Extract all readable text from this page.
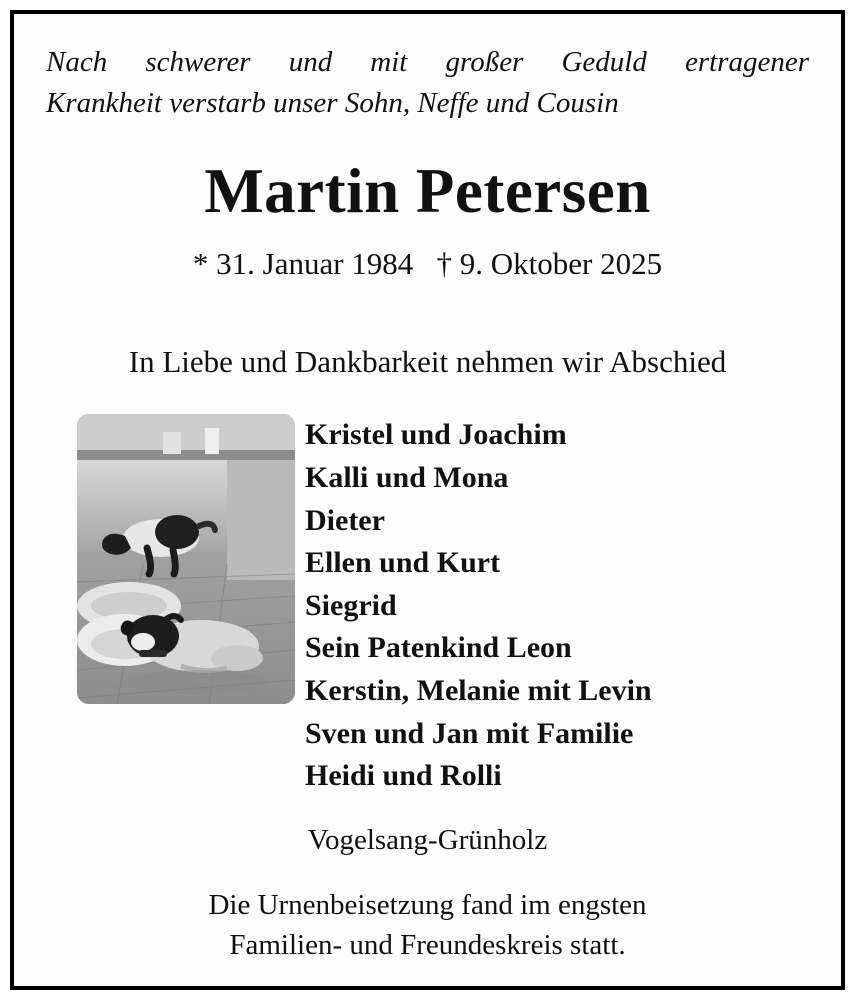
Nach schwerer und mit großer Geduld ertragener
Krankheit verstarb unser Sohn, Neffe und Cousin
Martin Petersen
* 31. Januar 1984   † 9. Oktober 2025
In Liebe und Dankbarkeit nehmen wir Abschied
Kristel und Joachim
Kalli und Mona
Dieter
Ellen und Kurt
Siegrid
Sein Patenkind Leon
Kerstin, Melanie mit Levin
Sven und Jan mit Familie
Heidi und Rolli
Vogelsang-Grünholz
Die Urnenbeisetzung fand im engsten
Familien- und Freundeskreis statt.
